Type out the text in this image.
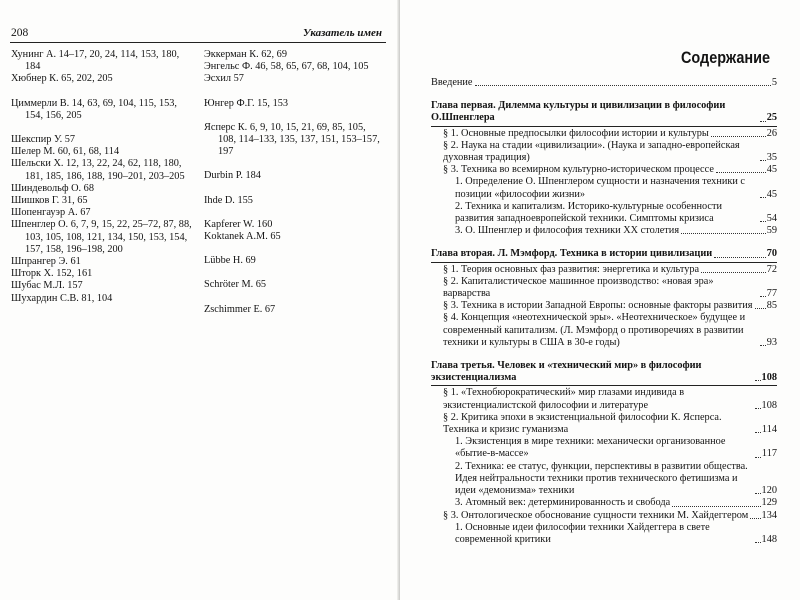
208	Указатель имен
Хунинг А. 14–17, 20, 24, 114, 153, 180, 184
Хюбнер К. 65, 202, 205
Циммерли В. 14, 63, 69, 104, 115, 153, 154, 156, 205
Шекспир У. 57
Шелер М. 60, 61, 68, 114
Шельски Х. 12, 13, 22, 24, 62, 118, 180, 181, 185, 186, 188, 190–201, 203–205
Шиндевольф О. 68
Шишков Г. 31, 65
Шопенгауэр А. 67
Шпенглер О. 6, 7, 9, 15, 22, 25–72, 87, 88, 103, 105, 108, 121, 134, 150, 153, 154, 157, 158, 196–198, 200
Шпрангер Э. 61
Шторк Х. 152, 161
Шубас М.Л. 157
Шухардин С.В. 81, 104
Эккерман К. 62, 69
Энгельс Ф. 46, 58, 65, 67, 68, 104, 105
Эсхил 57
Юнгер Ф.Г. 15, 153
Ясперс К. 6, 9, 10, 15, 21, 69, 85, 105, 108, 114–133, 135, 137, 151, 153–157, 197
Durbin P. 184
Ihde D. 155
Kapferer W. 160
Koktanek A.M. 65
Lübbe H. 69
Schröter M. 65
Zschimmer E. 67
Содержание
Введение	5
Глава первая. Дилемма культуры и цивилизации в философии О.Шпенглера	25
§ 1. Основные предпосылки философии истории и культуры	26
§ 2. Наука на стадии «цивилизации». (Наука и западно-европейская духовная традиция)	35
§ 3. Техника во всемирном культурно-историческом процессе	45
1. Определение О. Шпенглером сущности и назначения техники с позиции «философии жизни»	45
2. Техника и капитализм. Историко-культурные особенности развития западноевропейской техники. Симптомы кризиса	54
3. О. Шпенглер и философия техники XX столетия	59
Глава вторая. Л. Мэмфорд. Техника в истории цивилизации	70
§ 1. Теория основных фаз развития: энергетика и культура	72
§ 2. Капиталистическое машинное производство: «новая эра» варварства	77
§ 3. Техника в истории Западной Европы: основные факторы развития 85
§ 4. Концепция «неотехнической эры». «Неотехническое» будущее и современный капитализм. (Л. Мэмфорд о противоречиях в развитии техники и культуры в США в 30-е годы)	93
Глава третья. Человек и «технический мир» в философии экзистенциализма	108
§ 1. «Технобюрократический» мир глазами индивида в экзистенциалистской философии и литературе	108
§ 2. Критика эпохи в экзистенциальной философии К. Ясперса. Техника и кризис гуманизма	114
1. Экзистенция в мире техники: механически организованное «бытие-в-массе»	117
2. Техника: ее статус, функции, перспективы в развитии общества. Идея нейтральности техники против технического фетишизма и идеи «демонизма» техники	120
3. Атомный век: детерминированность и свобода	129
§ 3. Онтологическое обоснование сущности техники М. Хайдеггером 134
1. Основные идеи философии техники Хайдеггера в свете современной критики	148
